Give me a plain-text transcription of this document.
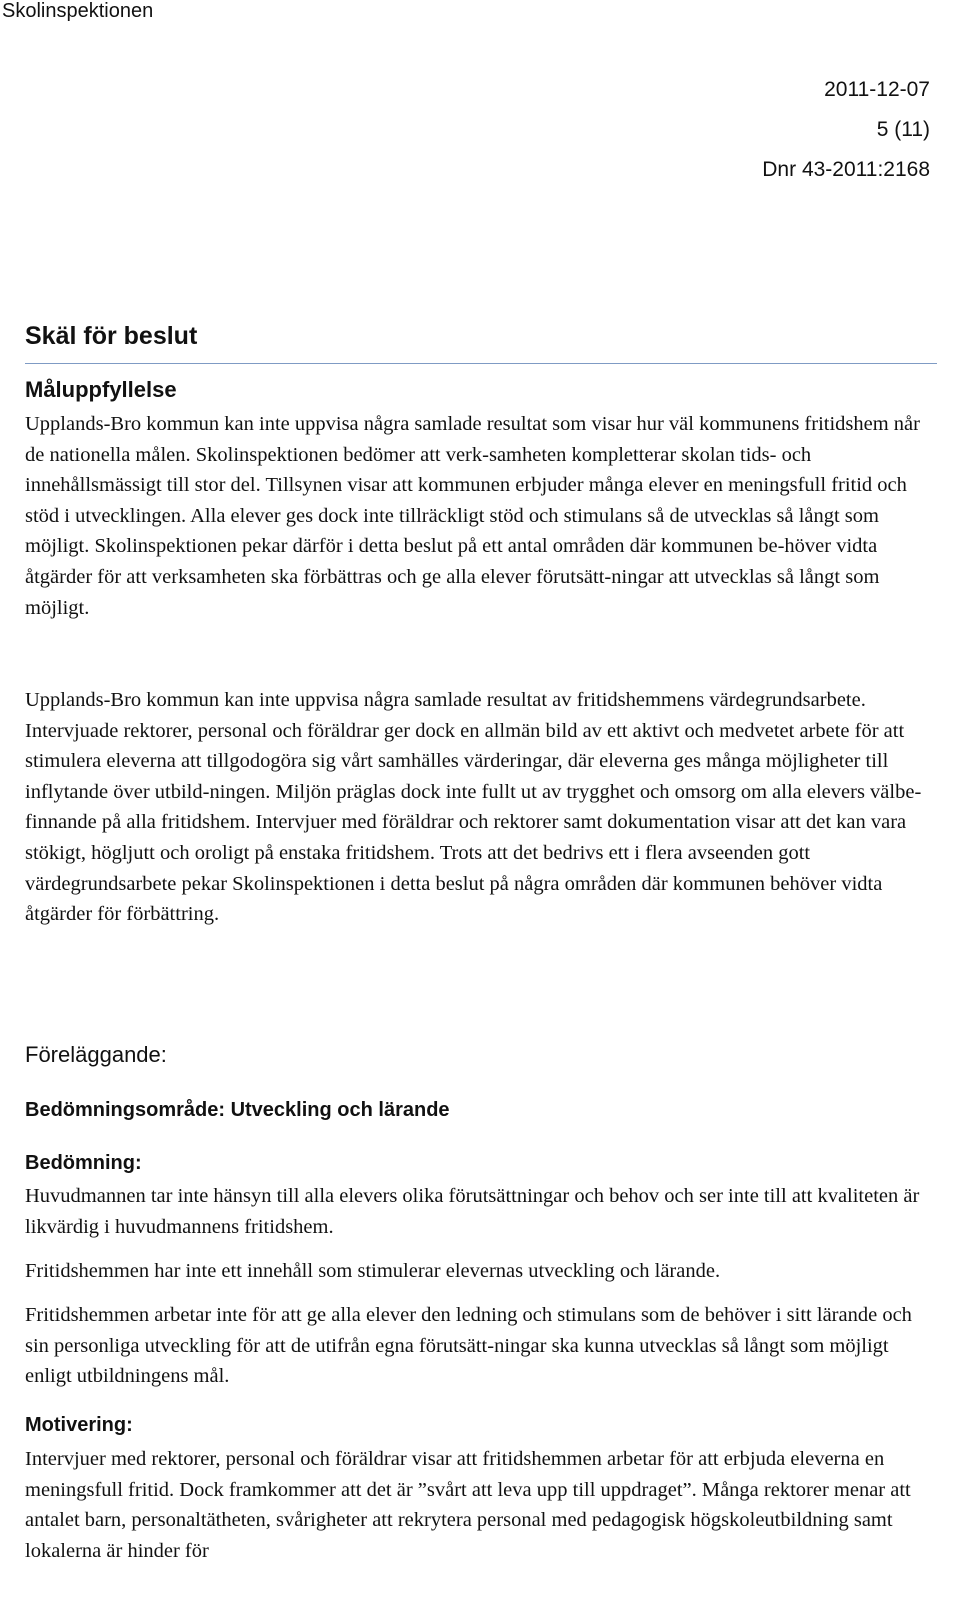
Skolinspektionen
2011-12-07
5 (11)
Dnr 43-2011:2168
Skäl för beslut
Måluppfyllelse

Upplands-Bro kommun kan inte uppvisa några samlade resultat som visar hur väl kommunens fritidshem når de nationella målen. Skolinspektionen bedömer att verk-samheten kompletterar skolan tids- och innehållsmässigt till stor del. Tillsynen visar att kommunen erbjuder många elever en meningsfull fritid och stöd i utvecklingen. Alla elever ges dock inte tillräckligt stöd och stimulans så de utvecklas så långt som möjligt. Skolinspektionen pekar därför i detta beslut på ett antal områden där kommunen be-höver vidta åtgärder för att verksamheten ska förbättras och ge alla elever förutsätt-ningar att utvecklas så långt som möjligt.

Upplands-Bro kommun kan inte uppvisa några samlade resultat av fritidshemmens värdegrundsarbete. Intervjuade rektorer, personal och föräldrar ger dock en allmän bild av ett aktivt och medvetet arbete för att stimulera eleverna att tillgodogöra sig vårt samhälles värderingar, där eleverna ges många möjligheter till inflytande över utbild-ningen. Miljön präglas dock inte fullt ut av trygghet och omsorg om alla elevers välbe-finnande på alla fritidshem. Intervjuer med föräldrar och rektorer samt dokumentation visar att det kan vara stökigt, högljutt och oroligt på enstaka fritidshem. Trots att det bedrivs ett i flera avseenden gott värdegrundsarbete pekar Skolinspektionen i detta beslut på några områden där kommunen behöver vidta åtgärder för förbättring.

Föreläggande:
Bedömningsområde: Utveckling och lärande
Bedömning:

Huvudmannen tar inte hänsyn till alla elevers olika förutsättningar och behov och ser inte till att kvaliteten är likvärdig i huvudmannens fritidshem.

Fritidshemmen har inte ett innehåll som stimulerar elevernas utveckling och lärande.

Fritidshemmen arbetar inte för att ge alla elever den ledning och stimulans som de behöver i sitt lärande och sin personliga utveckling för att de utifrån egna förutsätt-ningar ska kunna utvecklas så långt som möjligt enligt utbildningens mål.

Motivering:

Intervjuer med rektorer, personal och föräldrar visar att fritidshemmen arbetar för att erbjuda eleverna en meningsfull fritid. Dock framkommer att det är ”svårt att leva upp till uppdraget”. Många rektorer menar att antalet barn, personaltätheten, svårigheter att rekrytera personal med pedagogisk högskoleutbildning samt lokalerna är hinder för
